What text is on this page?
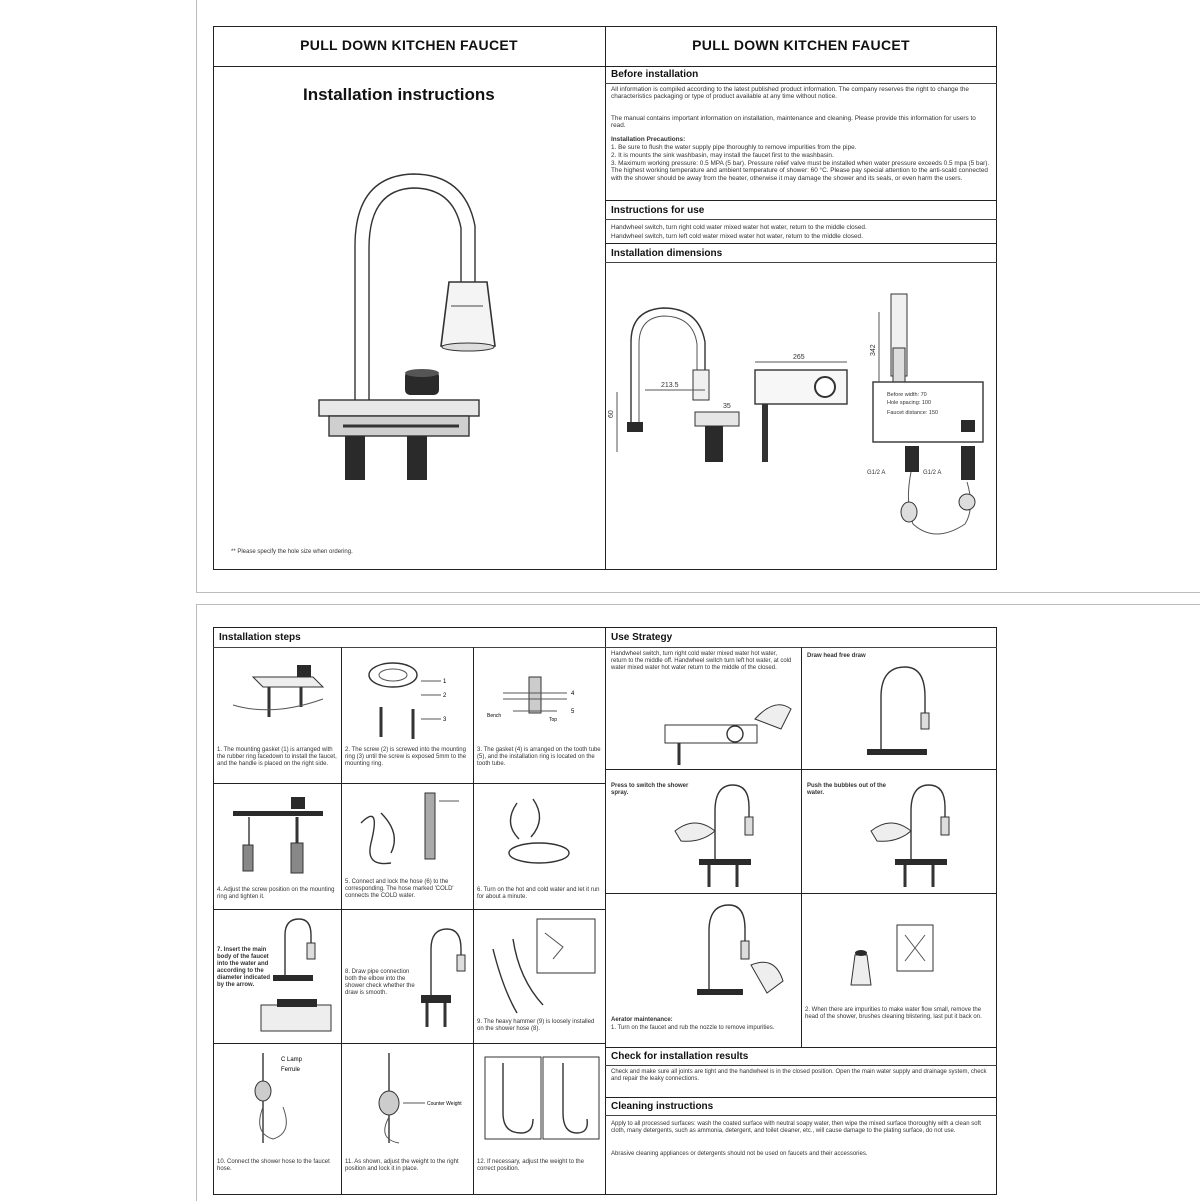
PULL DOWN KITCHEN FAUCET	PULL DOWN KITCHEN FAUCET
Installation instructions
** Please specify the hole size when ordering.
Before installation
All information is compiled according to the latest published product information. The company reserves the right to change the characteristics packaging or type of product available at any time without notice.
The manual contains important information on installation, maintenance and cleaning. Please provide this information for users to read.
Installation Precautions:
1. Be sure to flush the water supply pipe thoroughly to remove impurities from the pipe.
2. It is mounts the sink washbasin, may install the faucet first to the washbasin.
3. Maximum working pressure: 0.5 MPA (5 bar). Pressure relief valve must be installed when water pressure exceeds 0.5 mpa (5 bar). The highest working temperature and ambient temperature of shower: 60 °C. Please pay special attention to the anti-scald connected with the shower should be away from the heater, otherwise it may damage the shower and its seals, or even harm the users.
Instructions for use
Handwheel switch, turn right cold water mixed water hot water, return to the middle closed.
Handwheel switch, turn left cold water mixed water hot water, return to the middle closed.
Installation dimensions
213.5
60
35
265
Before width: 70
Hole spacing: 100
Faucet distance: 150
342
G1/2 A	G1/2 A
Installation steps
1. The mounting gasket (1) is arranged with the rubber ring facedown to install the faucet, and the handle is placed on the right side.
1
2
3
2. The screw (2) is screwed into the mounting ring (3) until the screw is exposed 5mm to the mounting ring.
4
5
Bench
Top
3. The gasket (4) is arranged on the tooth tube (5), and the installation ring is located on the tooth tube.
4. Adjust the screw position on the mounting ring and tighten it.
5. Connect and lock the hose (6) to the corresponding. The hose marked 'COLD' connects the COLD water.
6. Turn on the hot and cold water and let it run for about a minute.
7. Insert the main body of the faucet into the water and according to the diameter indicated by the arrow.
8. Draw pipe connection both the elbow into the shower check whether the draw is smooth.
9. The heavy hammer (9) is loosely installed on the shower hose (8).
C Lamp
Ferrule
10. Connect the shower hose to the faucet hose.
Counter Weight
11. As shown, adjust the weight to the right position and lock it in place.
12. If necessary, adjust the weight to the correct position.
Use Strategy
Handwheel switch, turn right cold water mixed water hot water, return to the middle off. Handwheel switch turn left hot water, at cold water mixed water hot water return to the middle of the closed.
Draw head free draw
Press to switch the shower spray.
Push the bubbles out of the water.
Aerator maintenance:
1. Turn on the faucet and rub the nozzle to remove impurities.
2. When there are impurities to make water flow small, remove the head of the shower, brushes cleaning blistering, last put it back on.
Check for installation results
Check and make sure all joints are tight and the handwheel is in the closed position. Open the main water supply and drainage system, check and repair the leaky connections.
Cleaning instructions
Apply to all processed surfaces: wash the coated surface with neutral soapy water, then wipe the mixed surface thoroughly with a clean soft cloth, many detergents, such as ammonia, detergent, and toilet cleaner, etc., will cause damage to the plating surface, do not use.
Abrasive cleaning appliances or detergents should not be used on faucets and their accessories.
